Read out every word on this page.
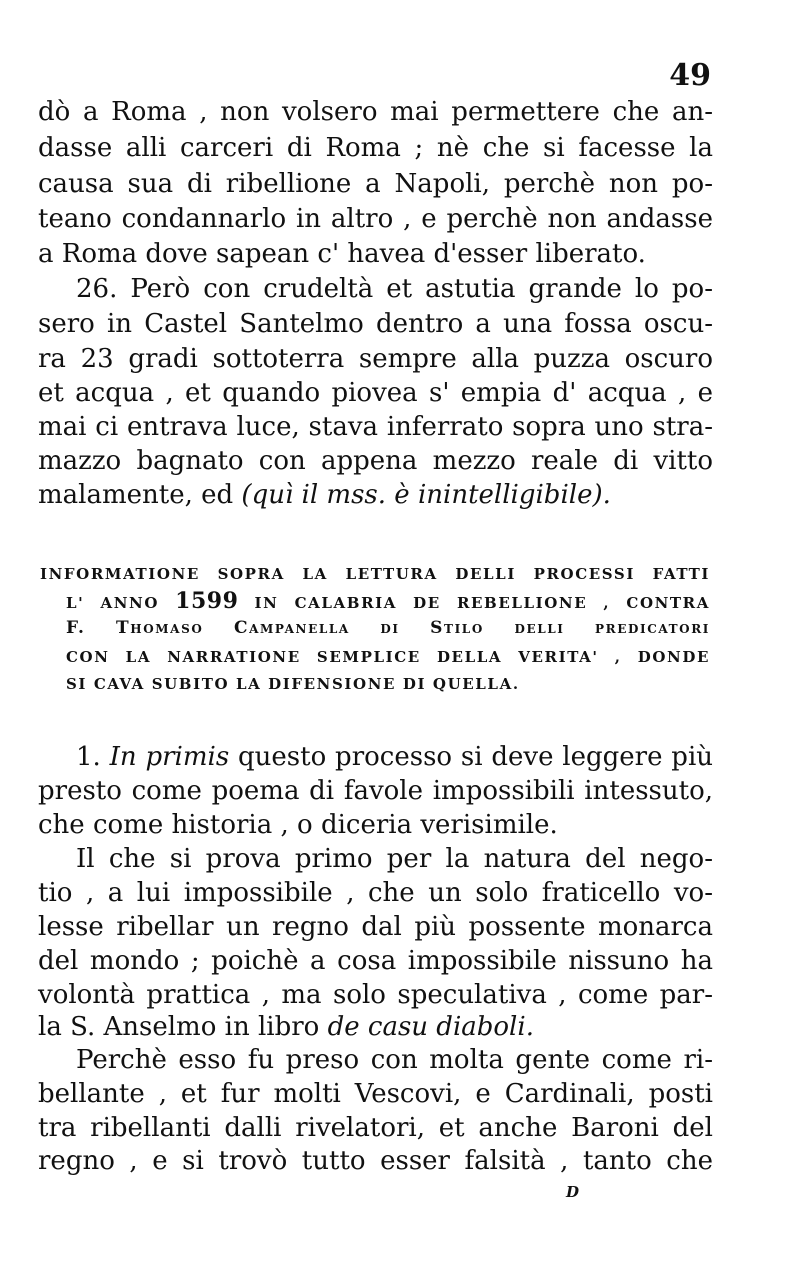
49
dò a Roma , non volsero mai permettere che an-
dasse alli carceri di Roma ; nè che si facesse la
causa sua di ribellione a Napoli, perchè non po-
teano condannarlo in altro , e perchè non andasse
a Roma dove sapean c' havea d'esser liberato.
26. Però con crudeltà et astutia grande lo po-
sero in Castel Santelmo dentro a una fossa oscu-
ra 23 gradi sottoterra sempre alla puzza oscuro
et acqua , et quando piovea s' empia d' acqua , e
mai ci entrava luce, stava inferrato sopra uno stra-
mazzo bagnato con appena mezzo reale di vitto
malamente, ed (quì il mss. è inintelligibile).
INFORMATIONE SOPRA LA LETTURA DELLI PROCESSI FATTI
L' ANNO 1599 IN CALABRIA DE REBELLIONE , CONTRA
F. Thomaso Campanella di Stilo delli predicatori
CON LA NARRATIONE SEMPLICE DELLA VERITA' , DONDE
SI CAVA SUBITO LA DIFENSIONE DI QUELLA.
1. In primis questo processo si deve leggere più
presto come poema di favole impossibili intessuto,
che come historia , o diceria verisimile.
Il che si prova primo per la natura del nego-
tio , a lui impossibile , che un solo fraticello vo-
lesse ribellar un regno dal più possente monarca
del mondo ; poichè a cosa impossibile nissuno ha
volontà prattica , ma solo speculativa , come par-
la S. Anselmo in libro de casu diaboli.
Perchè esso fu preso con molta gente come ri-
bellante , et fur molti Vescovi, e Cardinali, posti
tra ribellanti dalli rivelatori, et anche Baroni del
regno , e si trovò tutto esser falsità , tanto che
D
